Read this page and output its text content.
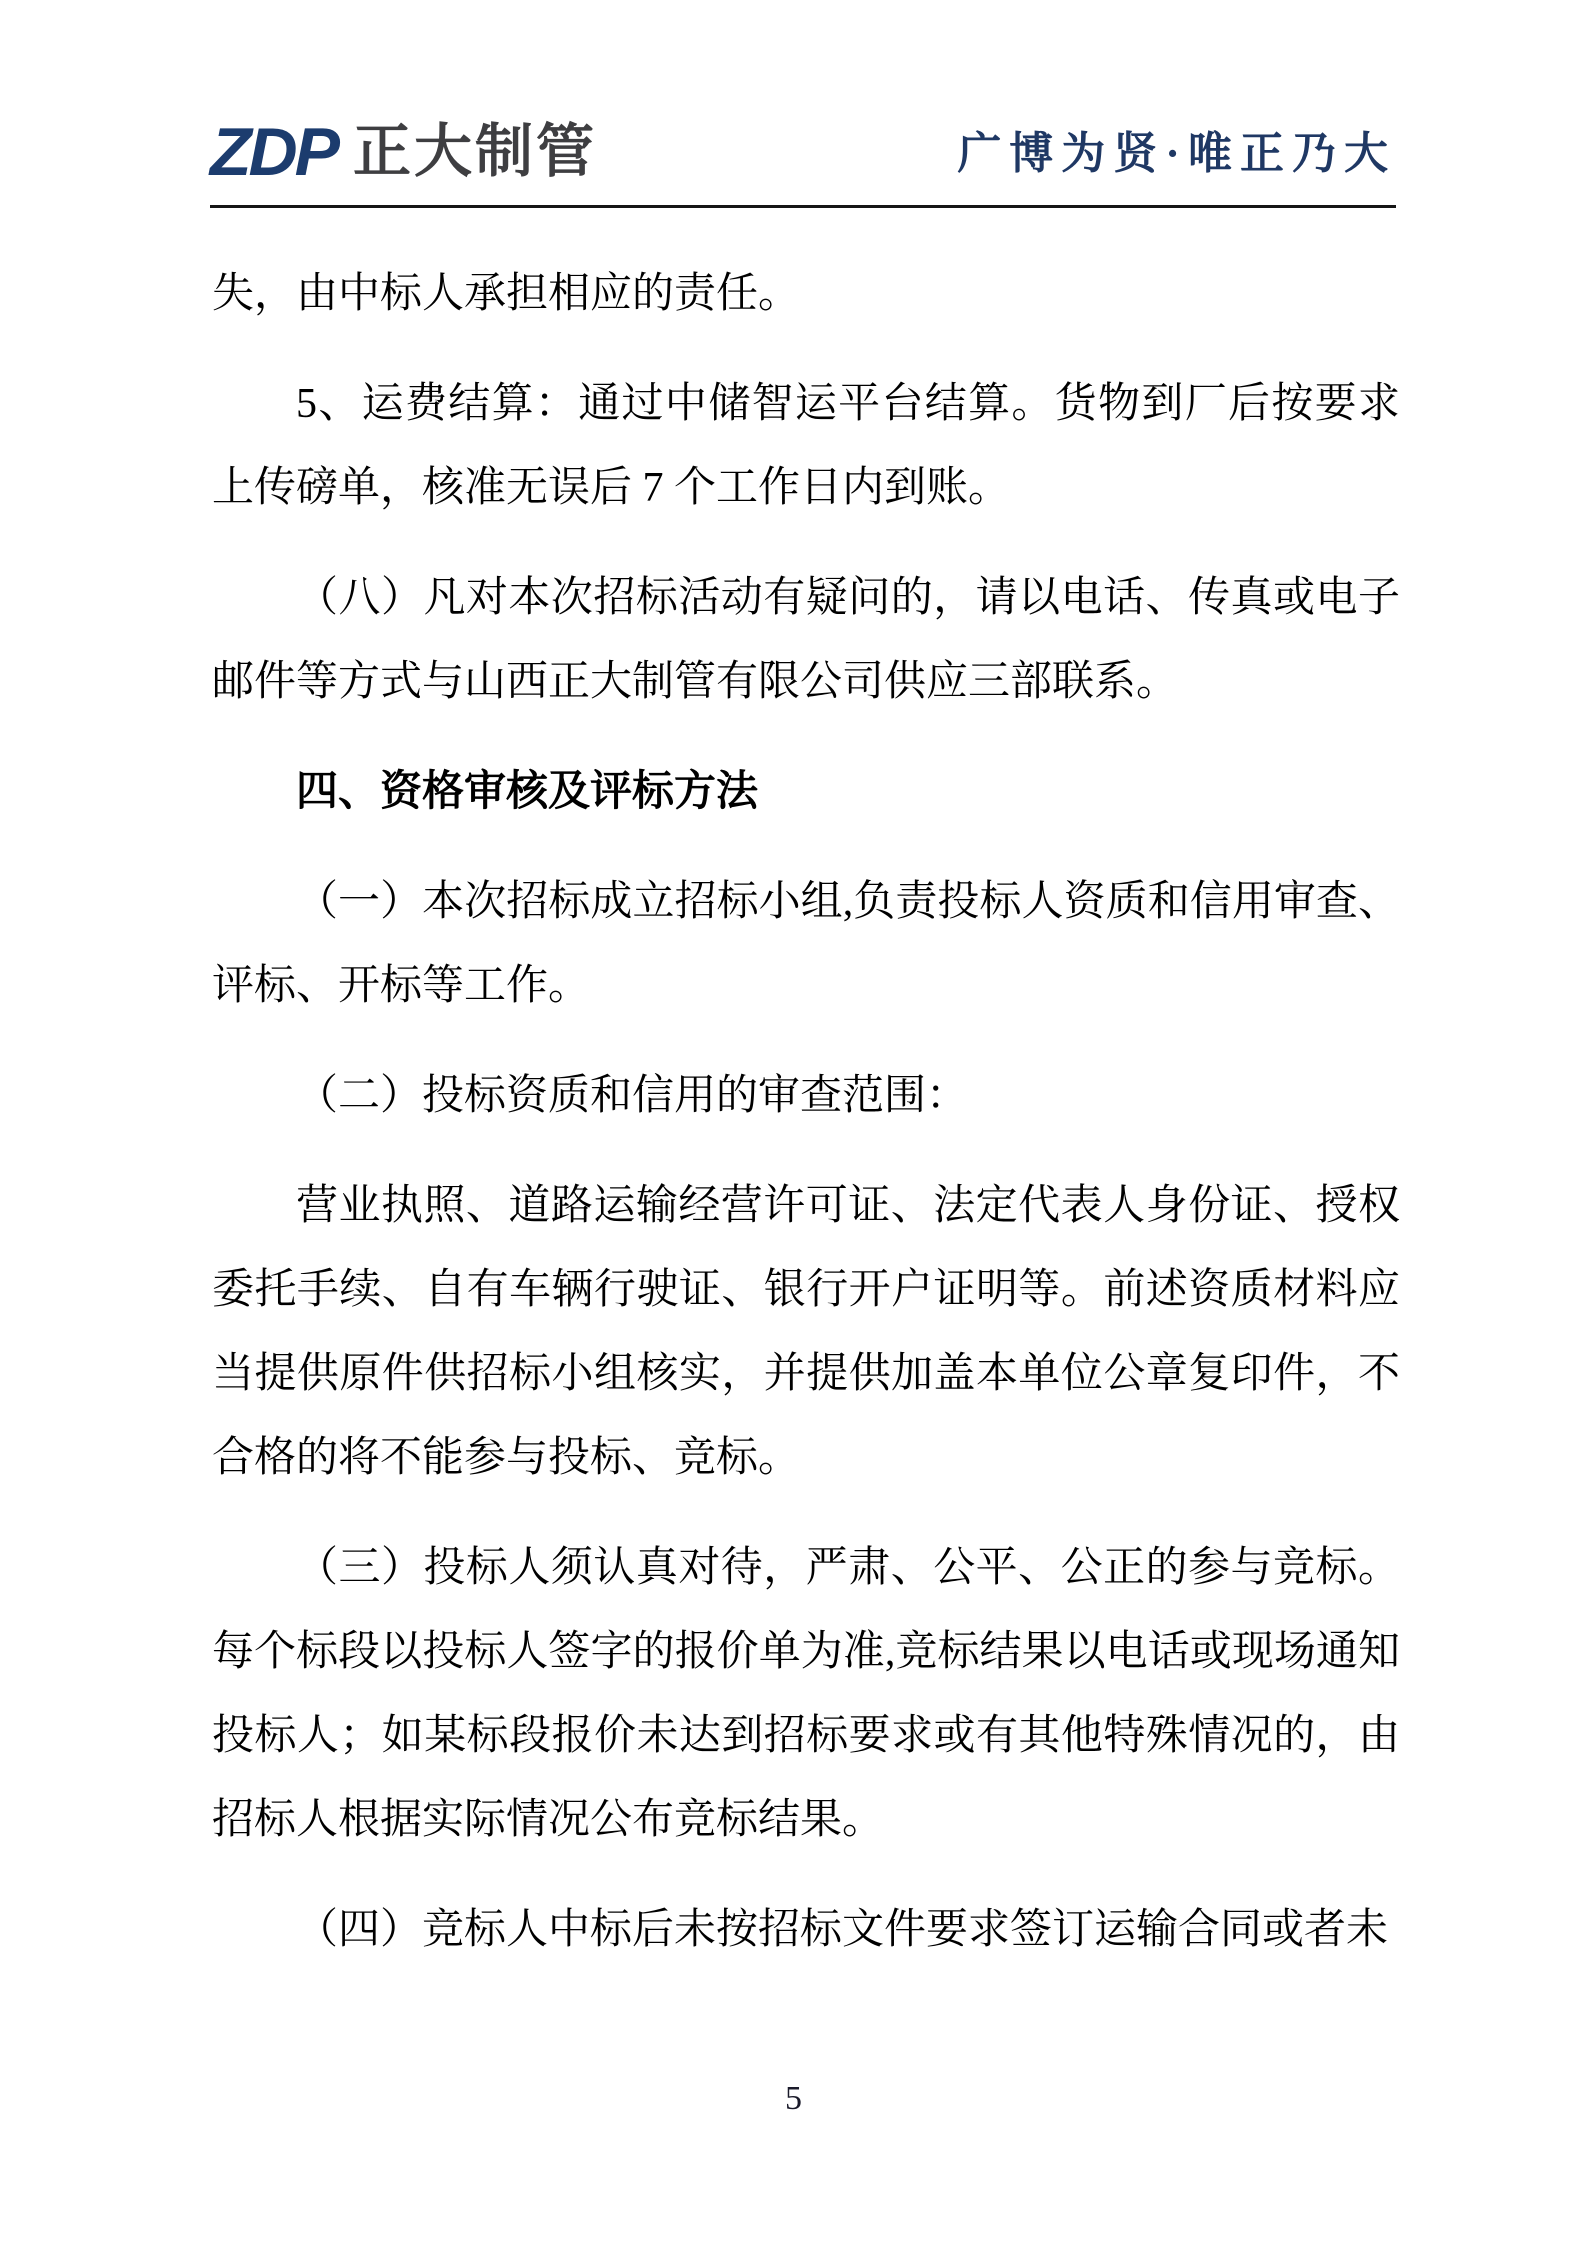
ZDP 正大制管	广博为贤·唯正乃大

失，由中标人承担相应的责任。

5、运费结算：通过中储智运平台结算。货物到厂后按要求上传磅单，核准无误后 7 个工作日内到账。

（八）凡对本次招标活动有疑问的，请以电话、传真或电子邮件等方式与山西正大制管有限公司供应三部联系。

四、资格审核及评标方法

（一）本次招标成立招标小组,负责投标人资质和信用审查、评标、开标等工作。

（二）投标资质和信用的审查范围：

营业执照、道路运输经营许可证、法定代表人身份证、授权委托手续、自有车辆行驶证、银行开户证明等。前述资质材料应当提供原件供招标小组核实，并提供加盖本单位公章复印件，不合格的将不能参与投标、竞标。

（三）投标人须认真对待，严肃、公平、公正的参与竞标。每个标段以投标人签字的报价单为准,竞标结果以电话或现场通知投标人；如某标段报价未达到招标要求或有其他特殊情况的，由招标人根据实际情况公布竞标结果。

（四）竞标人中标后未按招标文件要求签订运输合同或者未

5
